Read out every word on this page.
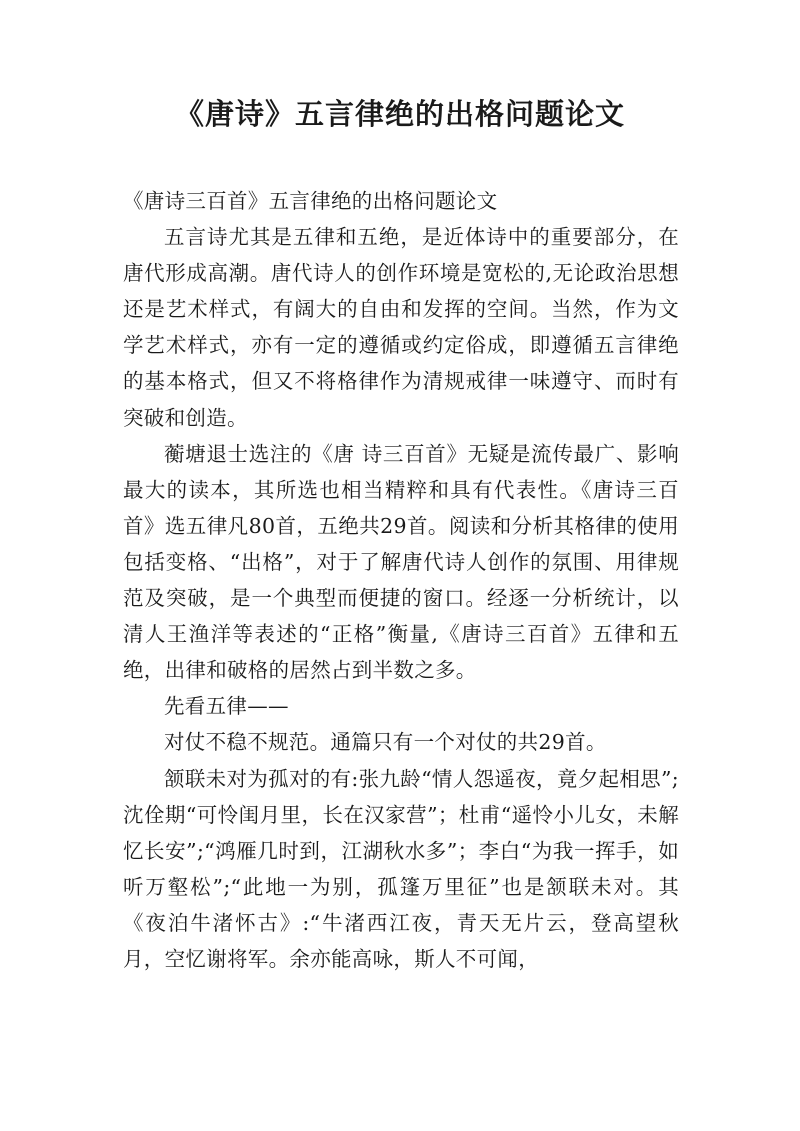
《唐诗》五言律绝的出格问题论文

《唐诗三百首》五言律绝的出格问题论文

五言诗尤其是五律和五绝，是近体诗中的重要部分，在唐代形成高潮。唐代诗人的创作环境是宽松的,无论政治思想还是艺术样式，有阔大的自由和发挥的空间。当然，作为文学艺术样式，亦有一定的遵循或约定俗成，即遵循五言律绝的基本格式，但又不将格律作为清规戒律一味遵守、而时有突破和创造。

蘅塘退士选注的《唐 诗三百首》无疑是流传最广、影响最大的读本，其所选也相当精粹和具有代表性。《唐诗三百首》选五律凡80首，五绝共29首。阅读和分析其格律的使用包括变格、“出格”，对于了解唐代诗人创作的氛围、用律规范及突破，是一个典型而便捷的窗口。经逐一分析统计，以清人王渔洋等表述的“正格”衡量,《唐诗三百首》五律和五绝，出律和破格的居然占到半数之多。

先看五律——

对仗不稳不规范。通篇只有一个对仗的共29首。

颔联未对为孤对的有:张九龄“情人怨遥夜，竟夕起相思”;沈佺期“可怜闺月里，长在汉家营”；杜甫“遥怜小儿女，未解忆长安”;“鸿雁几时到，江湖秋水多”；李白“为我一挥手，如听万壑松”;“此地一为别，孤篷万里征”也是颔联未对。其《夜泊牛渚怀古》:“牛渚西江夜，青天无片云，登高望秋月，空忆谢将军。余亦能高咏，斯人不可闻，
